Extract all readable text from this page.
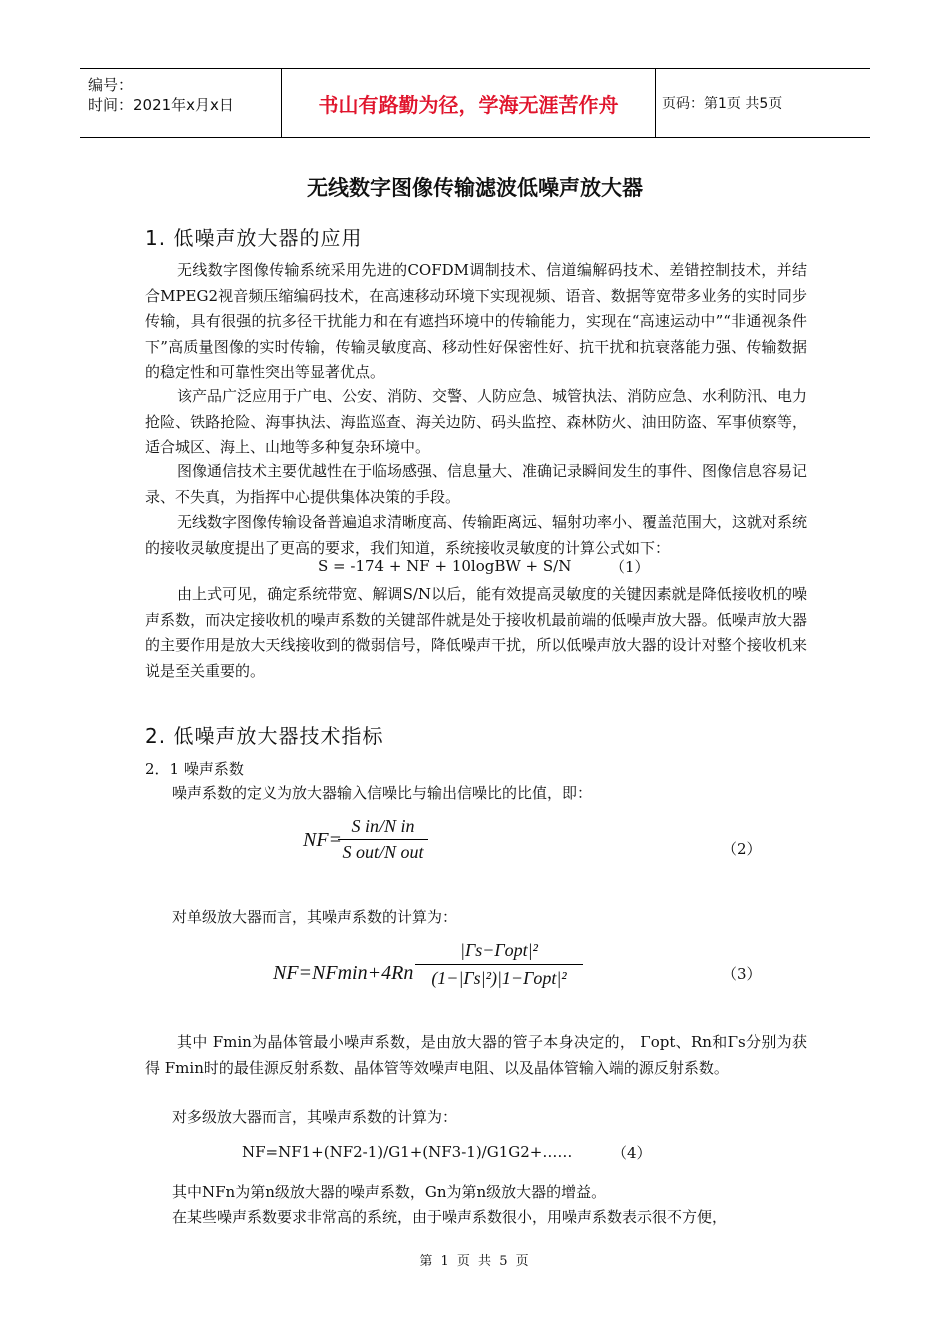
编号：
时间：2021年x月x日	书山有路勤为径，学海无涯苦作舟	页码：第1页 共5页
无线数字图像传输滤波低噪声放大器
1. 低噪声放大器的应用
无线数字图像传输系统采用先进的COFDM调制技术、信道编解码技术、差错控制技术，并结合MPEG2视音频压缩编码技术，在高速移动环境下实现视频、语音、数据等宽带多业务的实时同步传输，具有很强的抗多径干扰能力和在有遮挡环境中的传输能力，实现在“高速运动中”“非通视条件下”高质量图像的实时传输，传输灵敏度高、移动性好保密性好、抗干扰和抗衰落能力强、传输数据的稳定性和可靠性突出等显著优点。
该产品广泛应用于广电、公安、消防、交警、人防应急、城管执法、消防应急、水利防汛、电力抢险、铁路抢险、海事执法、海监巡查、海关边防、码头监控、森林防火、油田防盗、军事侦察等，适合城区、海上、山地等多种复杂环境中。
图像通信技术主要优越性在于临场感强、信息量大、准确记录瞬间发生的事件、图像信息容易记录、不失真，为指挥中心提供集体决策的手段。
无线数字图像传输设备普遍追求清晰度高、传输距离远、辐射功率小、覆盖范围大，这就对系统的接收灵敏度提出了更高的要求，我们知道，系统接收灵敏度的计算公式如下：
S = -174 + NF + 10logBW + S/N	（1）
由上式可见，确定系统带宽、解调S/N以后，能有效提高灵敏度的关键因素就是降低接收机的噪声系数，而决定接收机的噪声系数的关键部件就是处于接收机最前端的低噪声放大器。低噪声放大器的主要作用是放大天线接收到的微弱信号，降低噪声干扰，所以低噪声放大器的设计对整个接收机来说是至关重要的。
2. 低噪声放大器技术指标
2．1 噪声系数
噪声系数的定义为放大器输入信噪比与输出信噪比的比值，即：
NF=
S in/N in
S out/N out	（2）
对单级放大器而言，其噪声系数的计算为：
NF=NFmin+4Rn
|Γs−Γopt|²
(1−|Γs|²)|1−Γopt|²	（3）
其中 Fmin为晶体管最小噪声系数，是由放大器的管子本身决定的， Γopt、Rn和Γs分别为获得 Fmin时的最佳源反射系数、晶体管等效噪声电阻、以及晶体管输入端的源反射系数。
对多级放大器而言，其噪声系数的计算为：
NF=NF1+(NF2-1)/G1+(NF3-1)/G1G2+……	（4）
其中NFn为第n级放大器的噪声系数，Gn为第n级放大器的增益。
在某些噪声系数要求非常高的系统，由于噪声系数很小，用噪声系数表示很不方便，
第 1 页 共 5 页
